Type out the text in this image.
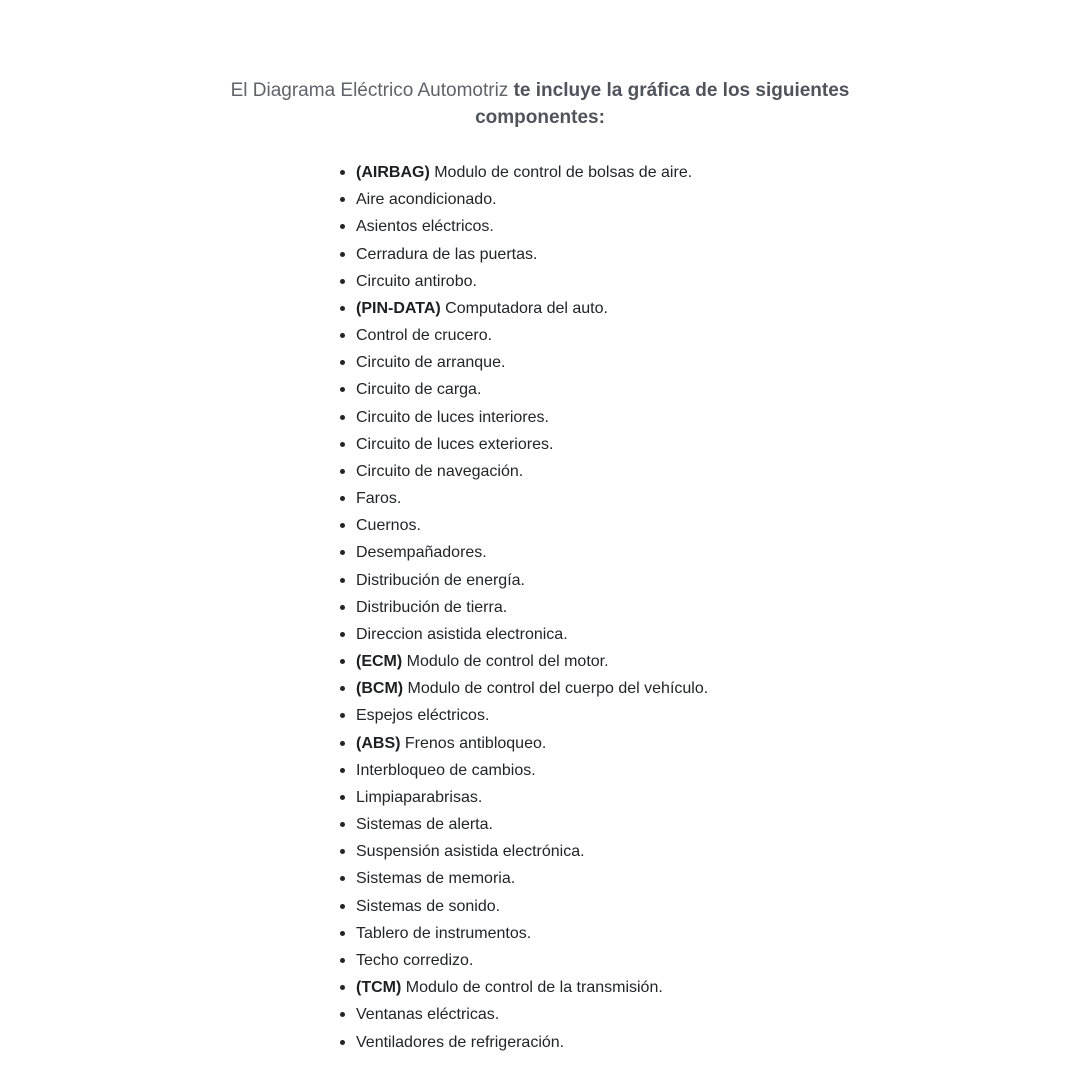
El Diagrama Eléctrico Automotriz te incluye la gráfica de los siguientes
componentes:

(AIRBAG) Modulo de control de bolsas de aire.
Aire acondicionado.
Asientos eléctricos.
Cerradura de las puertas.
Circuito antirobo.
(PIN-DATA) Computadora del auto.
Control de crucero.
Circuito de arranque.
Circuito de carga.
Circuito de luces interiores.
Circuito de luces exteriores.
Circuito de navegación.
Faros.
Cuernos.
Desempañadores.
Distribución de energía.
Distribución de tierra.
Direccion asistida electronica.
(ECM) Modulo de control del motor.
(BCM) Modulo de control del cuerpo del vehículo.
Espejos eléctricos.
(ABS) Frenos antibloqueo.
Interbloqueo de cambios.
Limpiaparabrisas.
Sistemas de alerta.
Suspensión asistida electrónica.
Sistemas de memoria.
Sistemas de sonido.
Tablero de instrumentos.
Techo corredizo.
(TCM) Modulo de control de la transmisión.
Ventanas eléctricas.
Ventiladores de refrigeración.
